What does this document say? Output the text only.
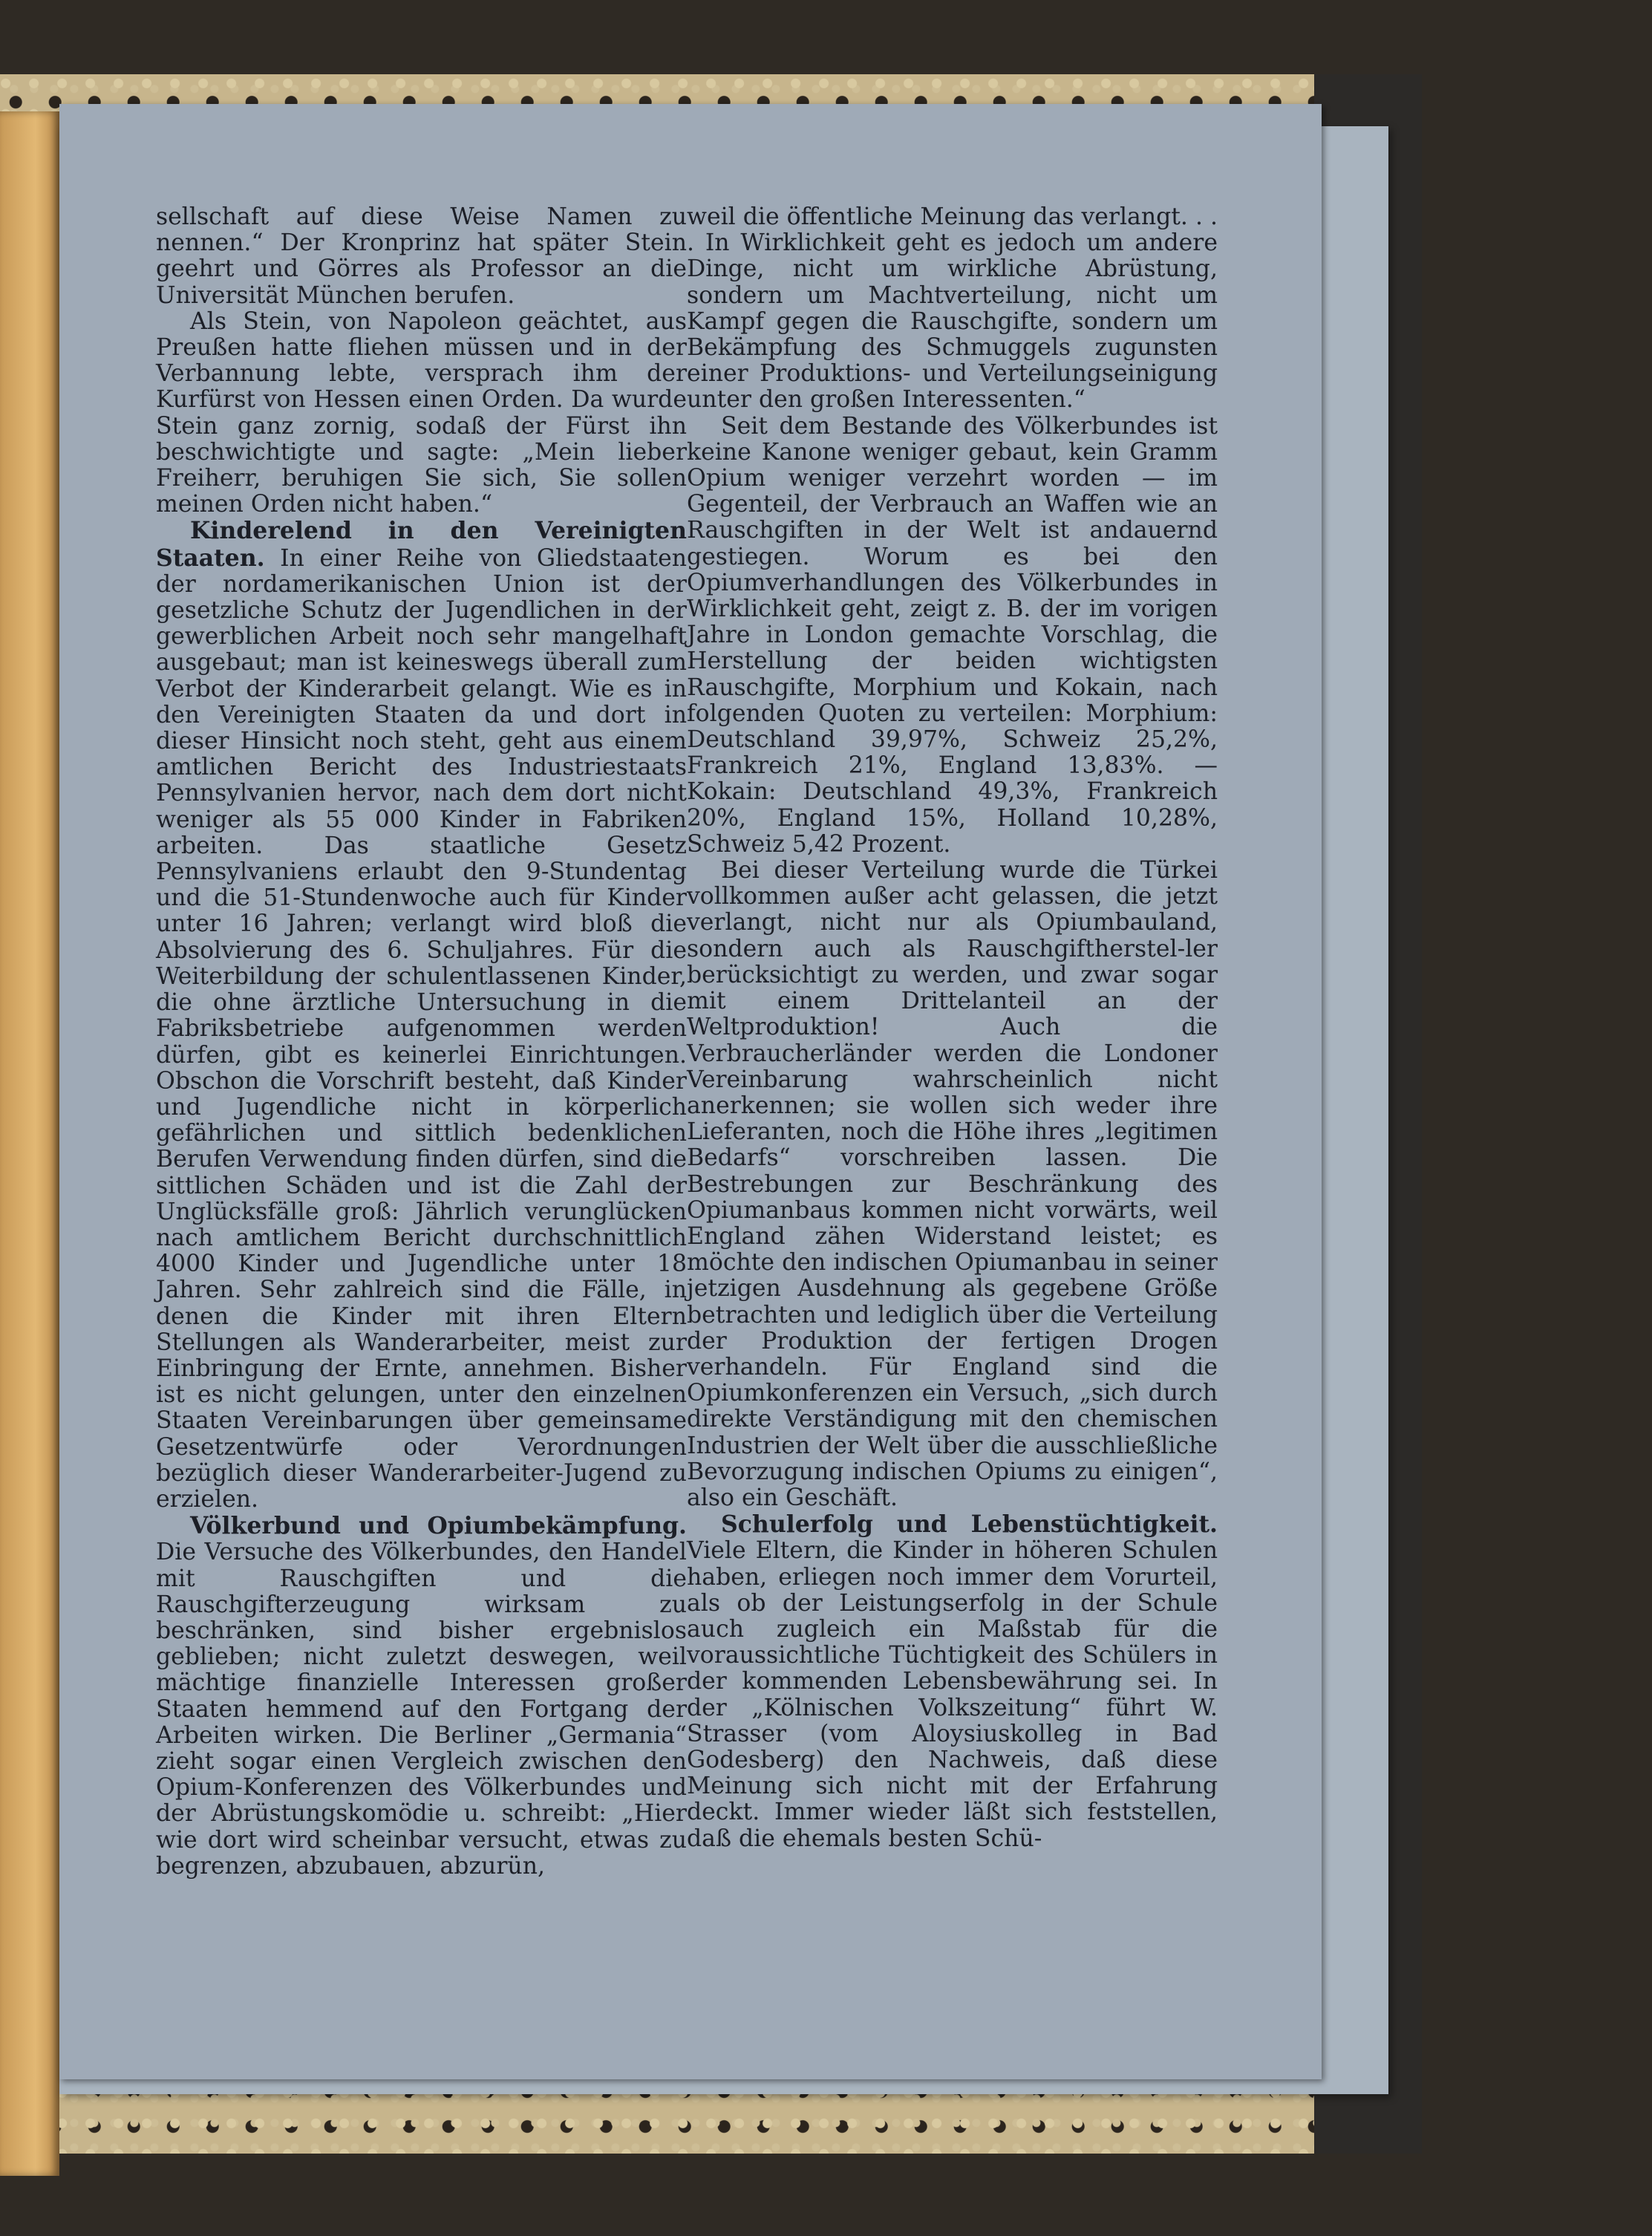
sellschaft auf diese Weise Namen zu nennen.“ Der Kronprinz hat später Stein geehrt und Görres als Professor an die Universität München berufen.

Als Stein, von Napoleon geächtet, aus Preußen hatte fliehen müssen und in der Verbannung lebte, versprach ihm der Kurfürst von Hessen einen Orden. Da wurde Stein ganz zornig, sodaß der Fürst ihn beschwichtigte und sagte: „Mein lieber Freiherr, beruhigen Sie sich, Sie sollen meinen Orden nicht haben.“

Kinderelend in den Vereinigten Staaten. In einer Reihe von Gliedstaaten der nordamerikanischen Union ist der gesetzliche Schutz der Jugendlichen in der gewerblichen Arbeit noch sehr mangelhaft ausgebaut; man ist keineswegs überall zum Verbot der Kinderarbeit gelangt. Wie es in den Vereinigten Staaten da und dort in dieser Hinsicht noch steht, geht aus einem amtlichen Bericht des Industriestaats Pennsylvanien hervor, nach dem dort nicht weniger als 55 000 Kinder in Fabriken arbeiten. Das staatliche Gesetz Pennsylvaniens erlaubt den 9-Stundentag und die 51-Stundenwoche auch für Kinder unter 16 Jahren; verlangt wird bloß die Absolvierung des 6. Schuljahres. Für die Weiterbildung der schulentlassenen Kinder, die ohne ärztliche Untersuchung in die Fabriksbetriebe aufgenommen werden dürfen, gibt es keinerlei Einrichtungen. Obschon die Vorschrift besteht, daß Kinder und Jugendliche nicht in körperlich gefährlichen und sittlich bedenklichen Berufen Verwendung finden dürfen, sind die sittlichen Schäden und ist die Zahl der Unglücksfälle groß: Jährlich verunglücken nach amtlichem Bericht durchschnittlich 4000 Kinder und Jugendliche unter 18 Jahren. Sehr zahlreich sind die Fälle, in denen die Kinder mit ihren Eltern Stellungen als Wanderarbeiter, meist zur Einbringung der Ernte, annehmen. Bisher ist es nicht gelungen, unter den einzelnen Staaten Vereinbarungen über gemeinsame Gesetzentwürfe oder Verordnungen bezüglich dieser Wanderarbeiter-Jugend zu erzielen.

Völkerbund und Opiumbekämpfung. Die Versuche des Völkerbundes, den Handel mit Rauschgiften und die Rauschgifterzeugung wirksam zu beschränken, sind bisher ergebnislos geblieben; nicht zuletzt deswegen, weil mächtige finanzielle Interessen großer Staaten hemmend auf den Fortgang der Arbeiten wirken. Die Berliner „Germania“ zieht sogar einen Vergleich zwischen den Opium-Konferenzen des Völkerbundes und der Abrüstungskomödie u. schreibt: „Hier wie dort wird scheinbar versucht, etwas zu begrenzen, abzubauen, abzurün,

weil die öffentliche Meinung das verlangt. . . . In Wirklichkeit geht es jedoch um andere Dinge, nicht um wirkliche Abrüstung, sondern um Machtverteilung, nicht um Kampf gegen die Rauschgifte, sondern um Bekämpfung des Schmuggels zugunsten einer Produktions- und Verteilungseinigung unter den großen Interessenten.“

Seit dem Bestande des Völkerbundes ist keine Kanone weniger gebaut, kein Gramm Opium weniger verzehrt worden — im Gegenteil, der Verbrauch an Waffen wie an Rauschgiften in der Welt ist andauernd gestiegen. Worum es bei den Opiumverhandlungen des Völkerbundes in Wirklichkeit geht, zeigt z. B. der im vorigen Jahre in London gemachte Vorschlag, die Herstellung der beiden wichtigsten Rauschgifte, Morphium und Kokain, nach folgenden Quoten zu verteilen: Morphium: Deutschland 39,97%, Schweiz 25,2%, Frankreich 21%, England 13,83%. — Kokain: Deutschland 49,3%, Frankreich 20%, England 15%, Holland 10,28%, Schweiz 5,42 Prozent.

Bei dieser Verteilung wurde die Türkei vollkommen außer acht gelassen, die jetzt verlangt, nicht nur als Opiumbauland, sondern auch als Rauschgiftherstel-ler berücksichtigt zu werden, und zwar sogar mit einem Drittelanteil an der Weltproduktion! Auch die Verbraucherländer werden die Londoner Vereinbarung wahrscheinlich nicht anerkennen; sie wollen sich weder ihre Lieferanten, noch die Höhe ihres „legitimen Bedarfs“ vorschreiben lassen. Die Bestrebungen zur Beschränkung des Opiumanbaus kommen nicht vorwärts, weil England zähen Widerstand leistet; es möchte den indischen Opiumanbau in seiner jetzigen Ausdehnung als gegebene Größe betrachten und lediglich über die Verteilung der Produktion der fertigen Drogen verhandeln. Für England sind die Opiumkonferenzen ein Versuch, „sich durch direkte Verständigung mit den chemischen Industrien der Welt über die ausschließliche Bevorzugung indischen Opiums zu einigen“, also ein Geschäft.

Schulerfolg und Lebenstüchtigkeit. Viele Eltern, die Kinder in höheren Schulen haben, erliegen noch immer dem Vorurteil, als ob der Leistungserfolg in der Schule auch zugleich ein Maßstab für die voraussichtliche Tüchtigkeit des Schülers in der kommenden Lebensbewährung sei. In der „Kölnischen Volkszeitung“ führt W. Strasser (vom Aloysiuskolleg in Bad Godesberg) den Nachweis, daß diese Meinung sich nicht mit der Erfahrung deckt. Immer wieder läßt sich feststellen, daß die ehemals besten Schü-
